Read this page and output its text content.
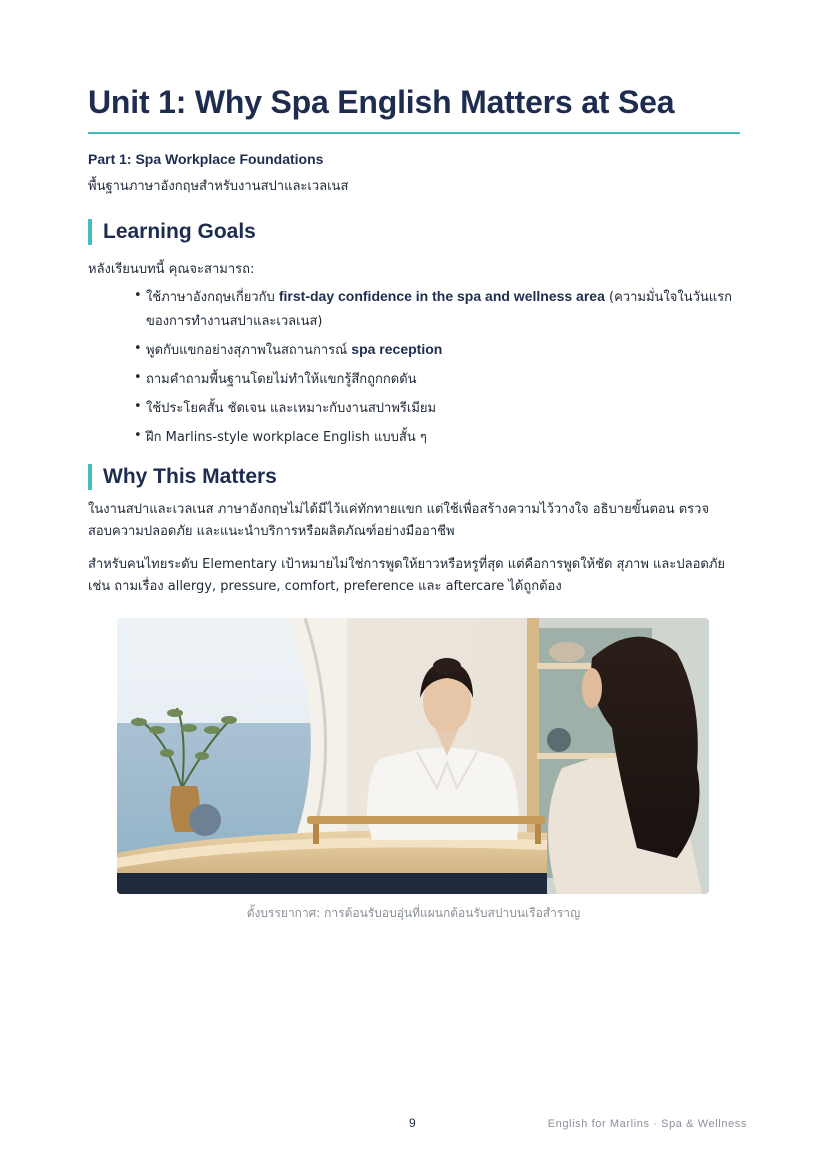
Unit 1: Why Spa English Matters at Sea
Part 1: Spa Workplace Foundations
พื้นฐานภาษาอังกฤษสำหรับงานสปาและเวลเนส
Learning Goals
หลังเรียนบทนี้ คุณจะสามารถ:
• ใช้ภาษาอังกฤษเกี่ยวกับ first-day confidence in the spa and wellness area (ความมั่นใจในวันแรกของการทำงานสปาและเวลเนส)
• พูดกับแขกอย่างสุภาพในสถานการณ์ spa reception
• ถามคำถามพื้นฐานโดยไม่ทำให้แขกรู้สึกถูกกดดัน
• ใช้ประโยคสั้น ชัดเจน และเหมาะกับงานสปาพรีเมียม
• ฝึก Marlins-style workplace English แบบสั้น ๆ
Why This Matters
ในงานสปาและเวลเนส ภาษาอังกฤษไม่ได้มีไว้แค่ทักทายแขก แต่ใช้เพื่อสร้างความไว้วางใจ อธิบายขั้นตอน ตรวจสอบความปลอดภัย และแนะนำบริการหรือผลิตภัณฑ์อย่างมืออาชีพ
สำหรับคนไทยระดับ Elementary เป้าหมายไม่ใช่การพูดให้ยาวหรือหรูที่สุด แต่คือการพูดให้ชัด สุภาพ และปลอดภัย เช่น ถามเรื่อง allergy, pressure, comfort, preference และ aftercare ได้ถูกต้อง
ตั้งบรรยากาศ: การต้อนรับอบอุ่นที่แผนกต้อนรับสปาบนเรือสำราญ
9	English for Marlins · Spa & Wellness
